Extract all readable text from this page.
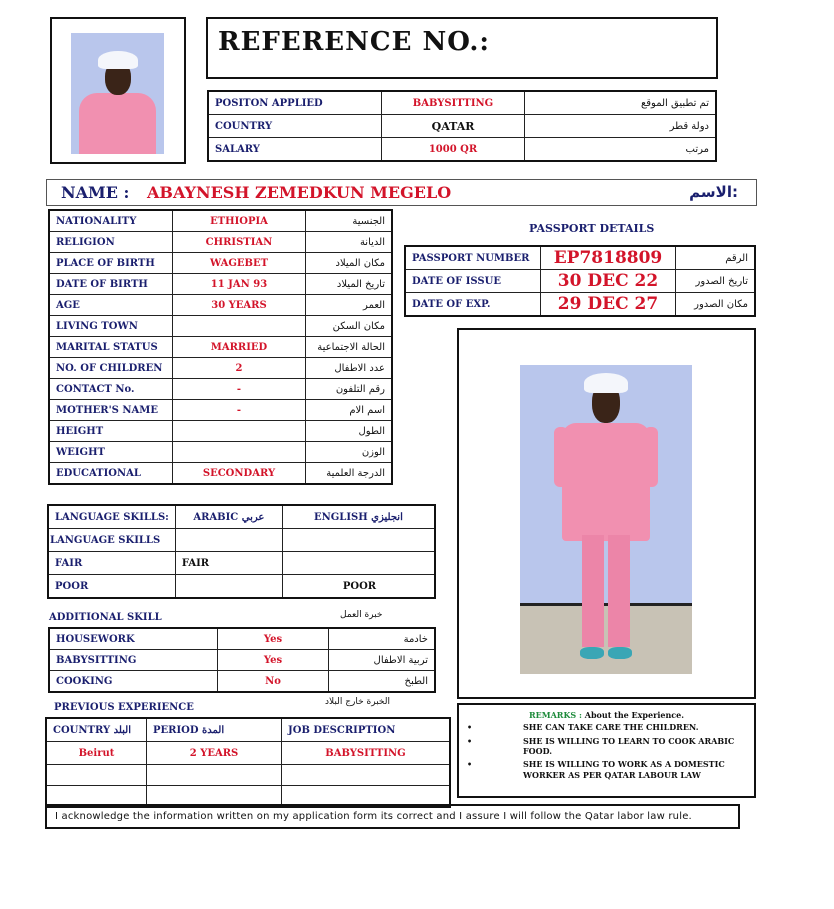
REFERENCE NO.:
POSITON APPLIED	BABYSITTING	تم تطبيق الموقع
COUNTRY	QATAR	دولة قطر
SALARY	1000 QR	مرتب
NAME : ABAYNESH ZEMEDKUN MEGELO	الاسم:
NATIONALITY	ETHIOPIA	الجنسية
RELIGION	CHRISTIAN	الديانة
PLACE OF BIRTH	WAGEBET	مكان الميلاد
DATE OF BIRTH	11 JAN 93	تاريخ الميلاد
AGE	30 YEARS	العمر
LIVING TOWN		مكان السكن
MARITAL STATUS	MARRIED	الحالة الاجتماعية
NO. OF CHILDREN	2	عدد الاطفال
CONTACT No.	-	رقم التلفون
MOTHER'S NAME	-	اسم الام
HEIGHT		الطول
WEIGHT		الوزن
EDUCATIONAL	SECONDARY	الدرجة العلمية
PASSPORT DETAILS
PASSPORT NUMBER	EP7818809	الرقم
DATE OF ISSUE	30 DEC 22	تاريخ الصدور
DATE OF EXP.	29 DEC 27	مكان الصدور
LANGUAGE SKILLS:	ARABIC عربي	ENGLISH انجليزي
LANGUAGE SKILLS		
FAIR	FAIR	
POOR		POOR
ADDITIONAL SKILL	خبرة العمل
HOUSEWORK	Yes	خادمة
BABYSITTING	Yes	تربية الاطفال
COOKING	No	الطبخ
PREVIOUS EXPERIENCE	الخبرة خارج البلاد
COUNTRY البلد	PERIOD المدة	JOB DESCRIPTION
Beirut	2 YEARS	BABYSITTING

REMARKS : About the Experience.
•	SHE CAN TAKE CARE THE CHILDREN.
•	SHE IS WILLING TO LEARN TO COOK ARABIC FOOD.
•	SHE IS WILLING TO WORK AS A DOMESTIC WORKER AS PER QATAR LABOUR LAW
I acknowledge the information written on my application form its correct and I assure I will follow the Qatar labor law rule.
